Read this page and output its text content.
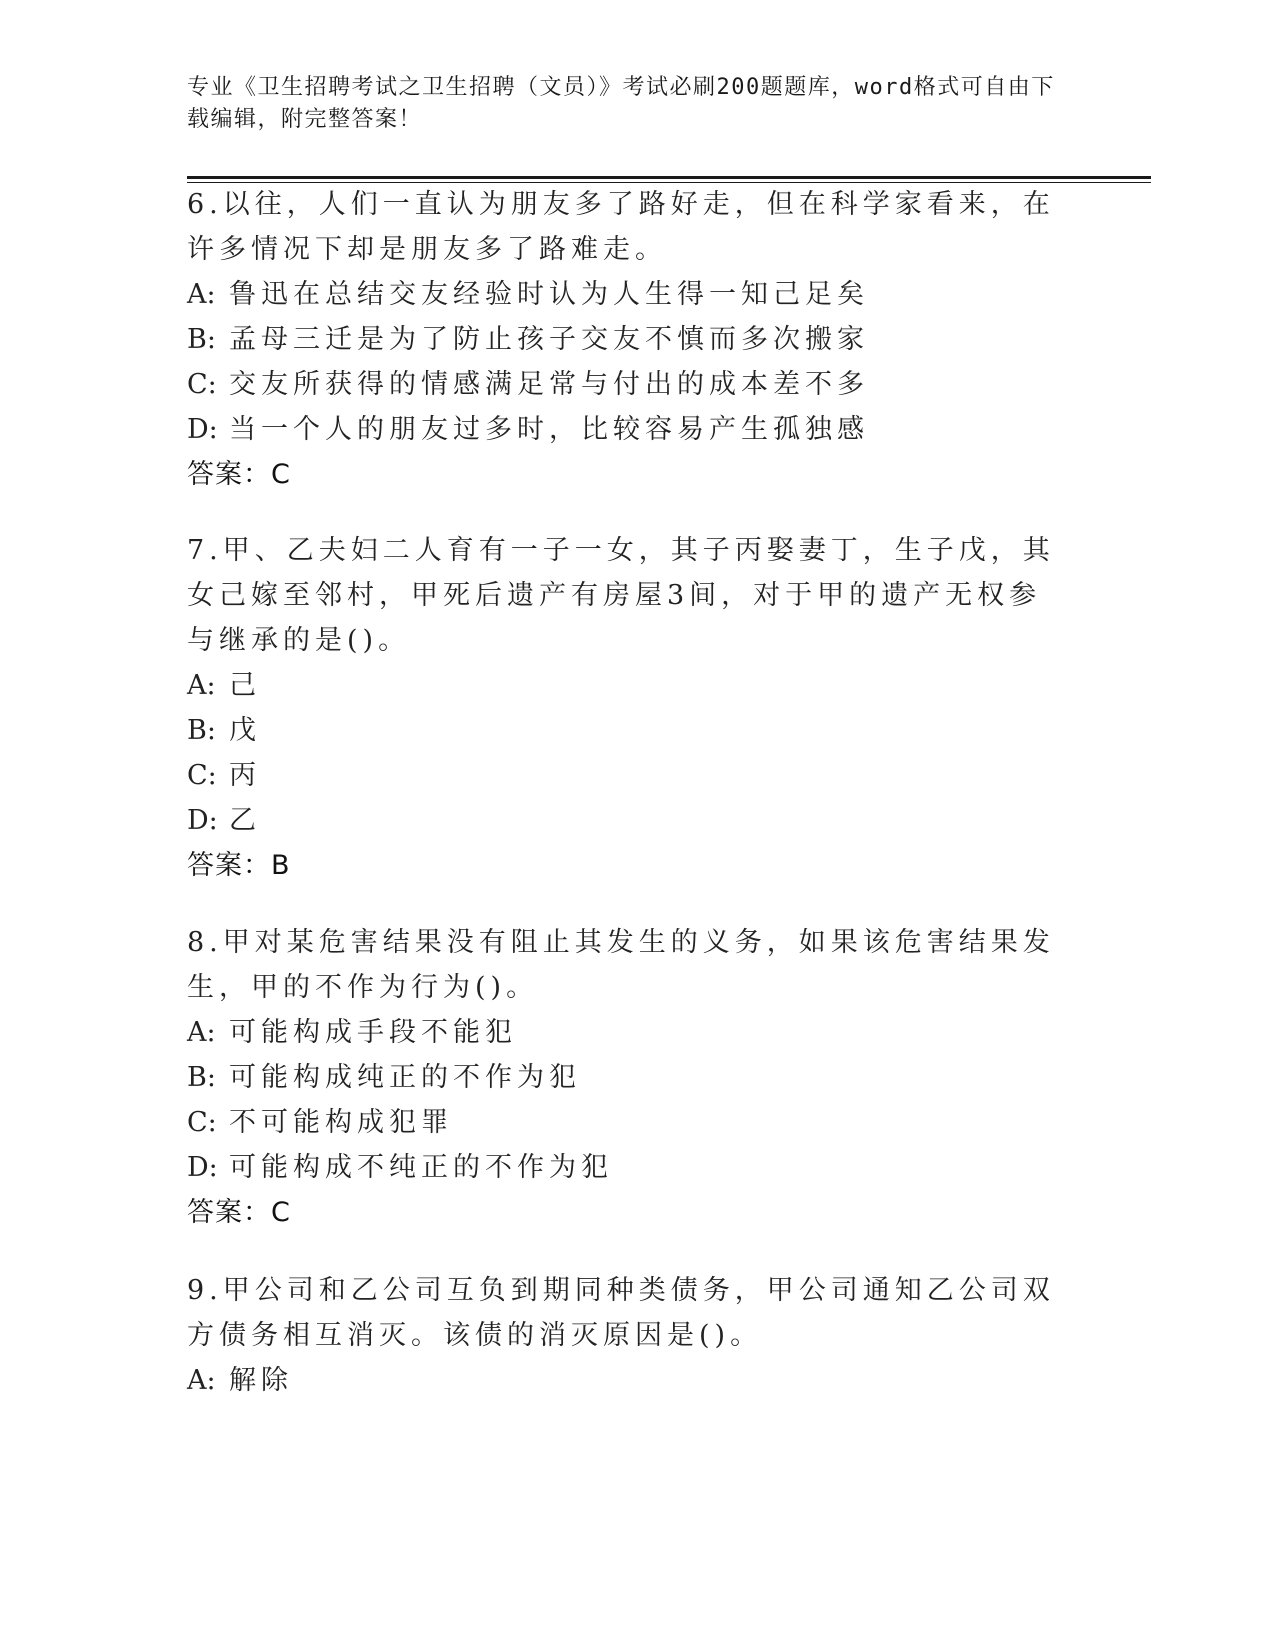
专业《卫生招聘考试之卫生招聘（文员）》考试必刷200题题库，word格式可自由下载编辑，附完整答案！

6.以往，人们一直认为朋友多了路好走，但在科学家看来，在许多情况下却是朋友多了路难走。

A: 鲁迅在总结交友经验时认为人生得一知己足矣

B: 孟母三迁是为了防止孩子交友不慎而多次搬家

C: 交友所获得的情感满足常与付出的成本差不多

D: 当一个人的朋友过多时，比较容易产生孤独感

答案：C

7.甲、乙夫妇二人育有一子一女，其子丙娶妻丁，生子戊，其女己嫁至邻村，甲死后遗产有房屋3间，对于甲的遗产无权参与继承的是()。

A: 己

B: 戊

C: 丙

D: 乙

答案：B

8.甲对某危害结果没有阻止其发生的义务，如果该危害结果发生，甲的不作为行为()。

A: 可能构成手段不能犯

B: 可能构成纯正的不作为犯

C: 不可能构成犯罪

D: 可能构成不纯正的不作为犯

答案：C

9.甲公司和乙公司互负到期同种类债务，甲公司通知乙公司双方债务相互消灭。该债的消灭原因是()。

A: 解除
